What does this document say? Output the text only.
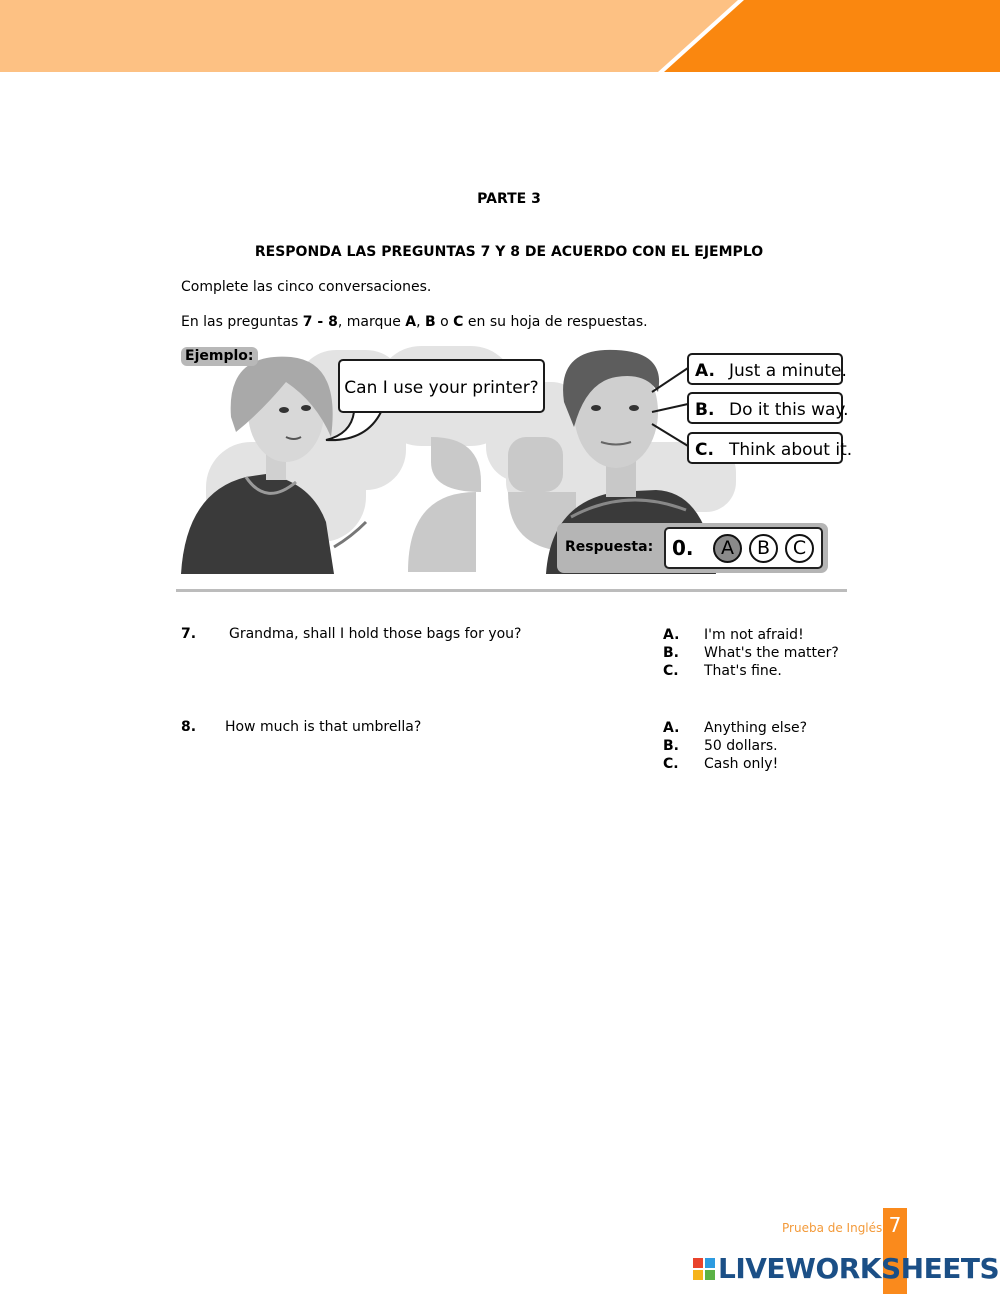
PARTE 3
RESPONDA LAS PREGUNTAS 7 Y 8 DE ACUERDO CON EL EJEMPLO
Complete las cinco conversaciones.
En las preguntas 7 - 8, marque A, B o C en su hoja de respuestas.
Ejemplo:
Can I use your printer?
A. Just a minute.
B. Do it this way.
C. Think about it.
Respuesta: 0.	A	B	C
7. Grandma, shall I hold those bags for you?	A. I'm not afraid!
B. What's the matter?
C. That's fine.
8. How much is that umbrella?	A. Anything else?
B. 50 dollars.
C. Cash only!
Prueba de Inglés 7
LIVEWORKSHEETS
